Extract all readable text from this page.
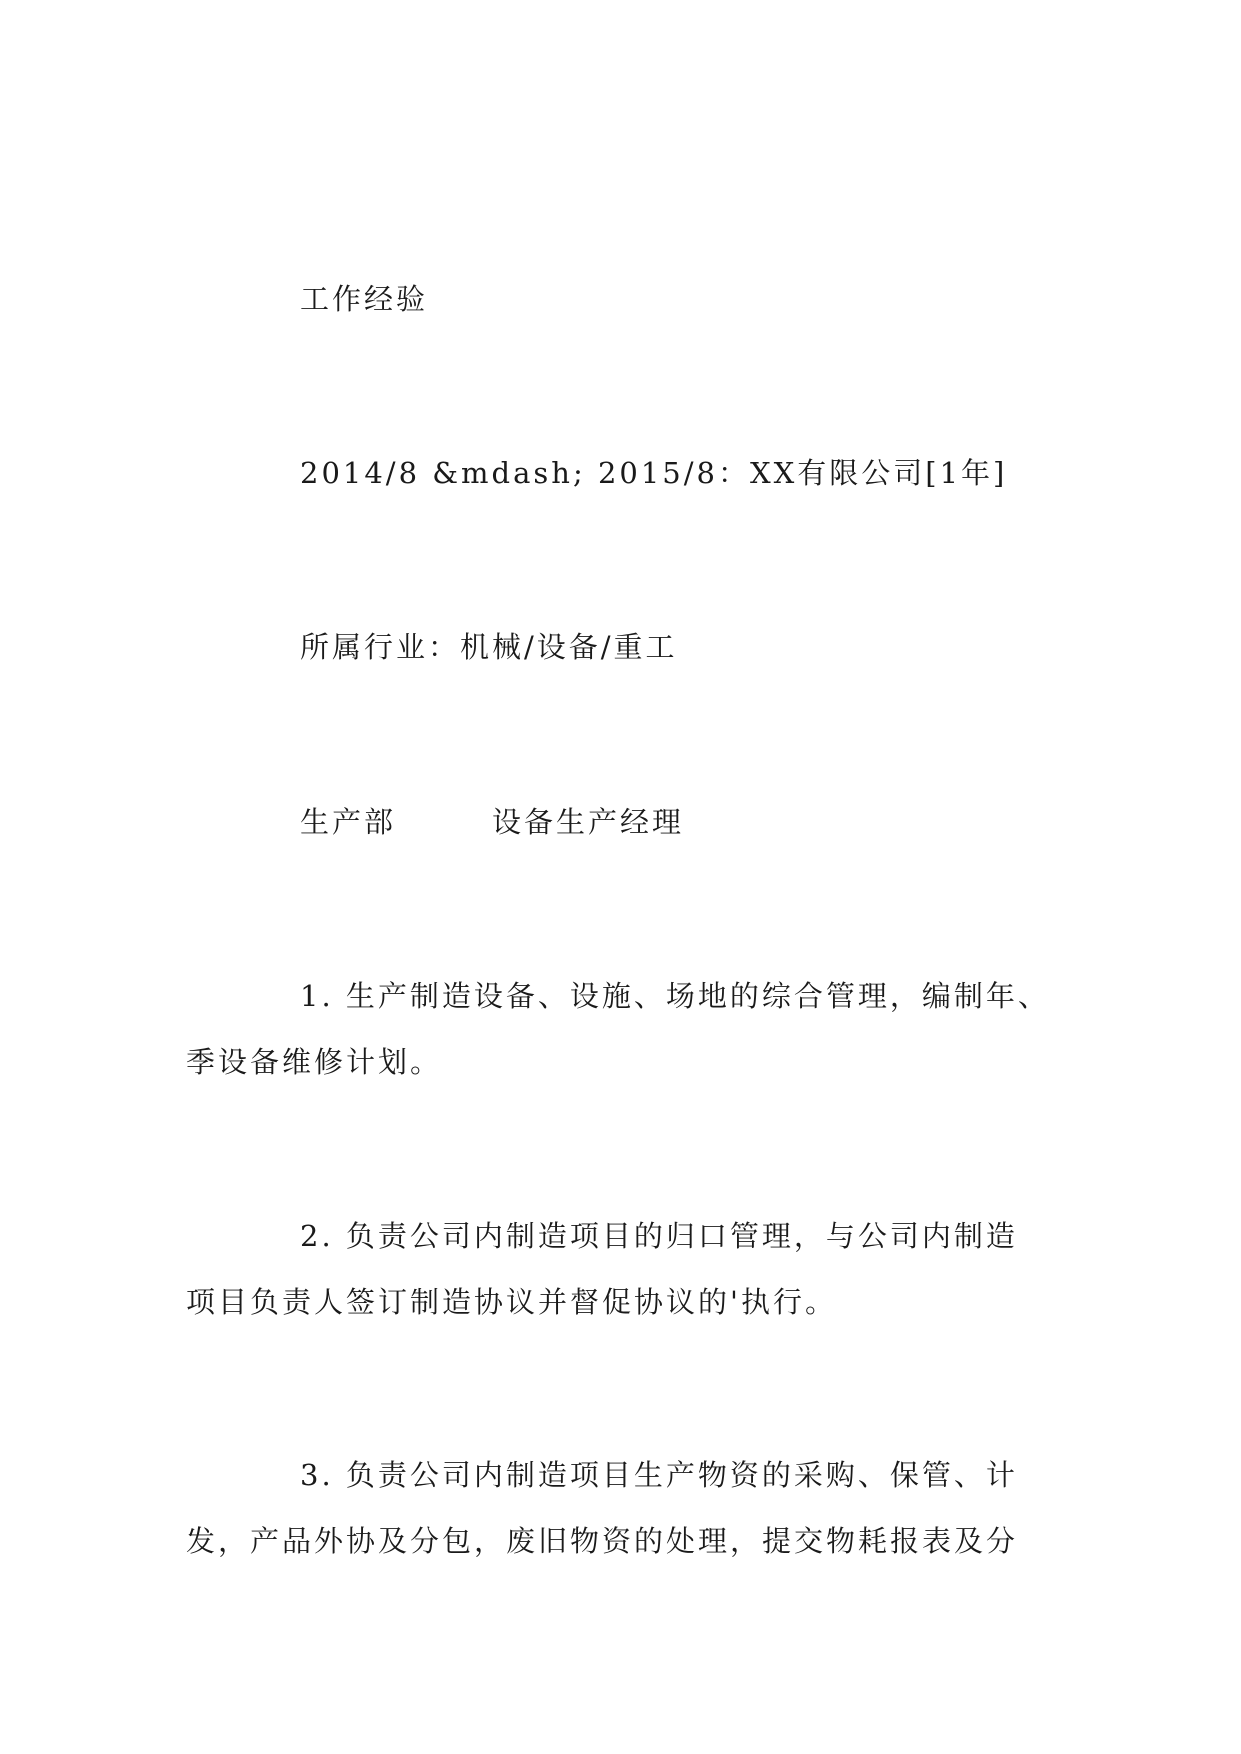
工作经验

2014/8 &mdash; 2015/8：XX有限公司[1年]

所属行业：机械/设备/重工

生产部　　　设备生产经理

1. 生产制造设备、设施、场地的综合管理，编制年、
季设备维修计划。
2. 负责公司内制造项目的归口管理，与公司内制造
项目负责人签订制造协议并督促协议的'执行。
3. 负责公司内制造项目生产物资的采购、保管、计
发，产品外协及分包，废旧物资的处理，提交物耗报表及分
